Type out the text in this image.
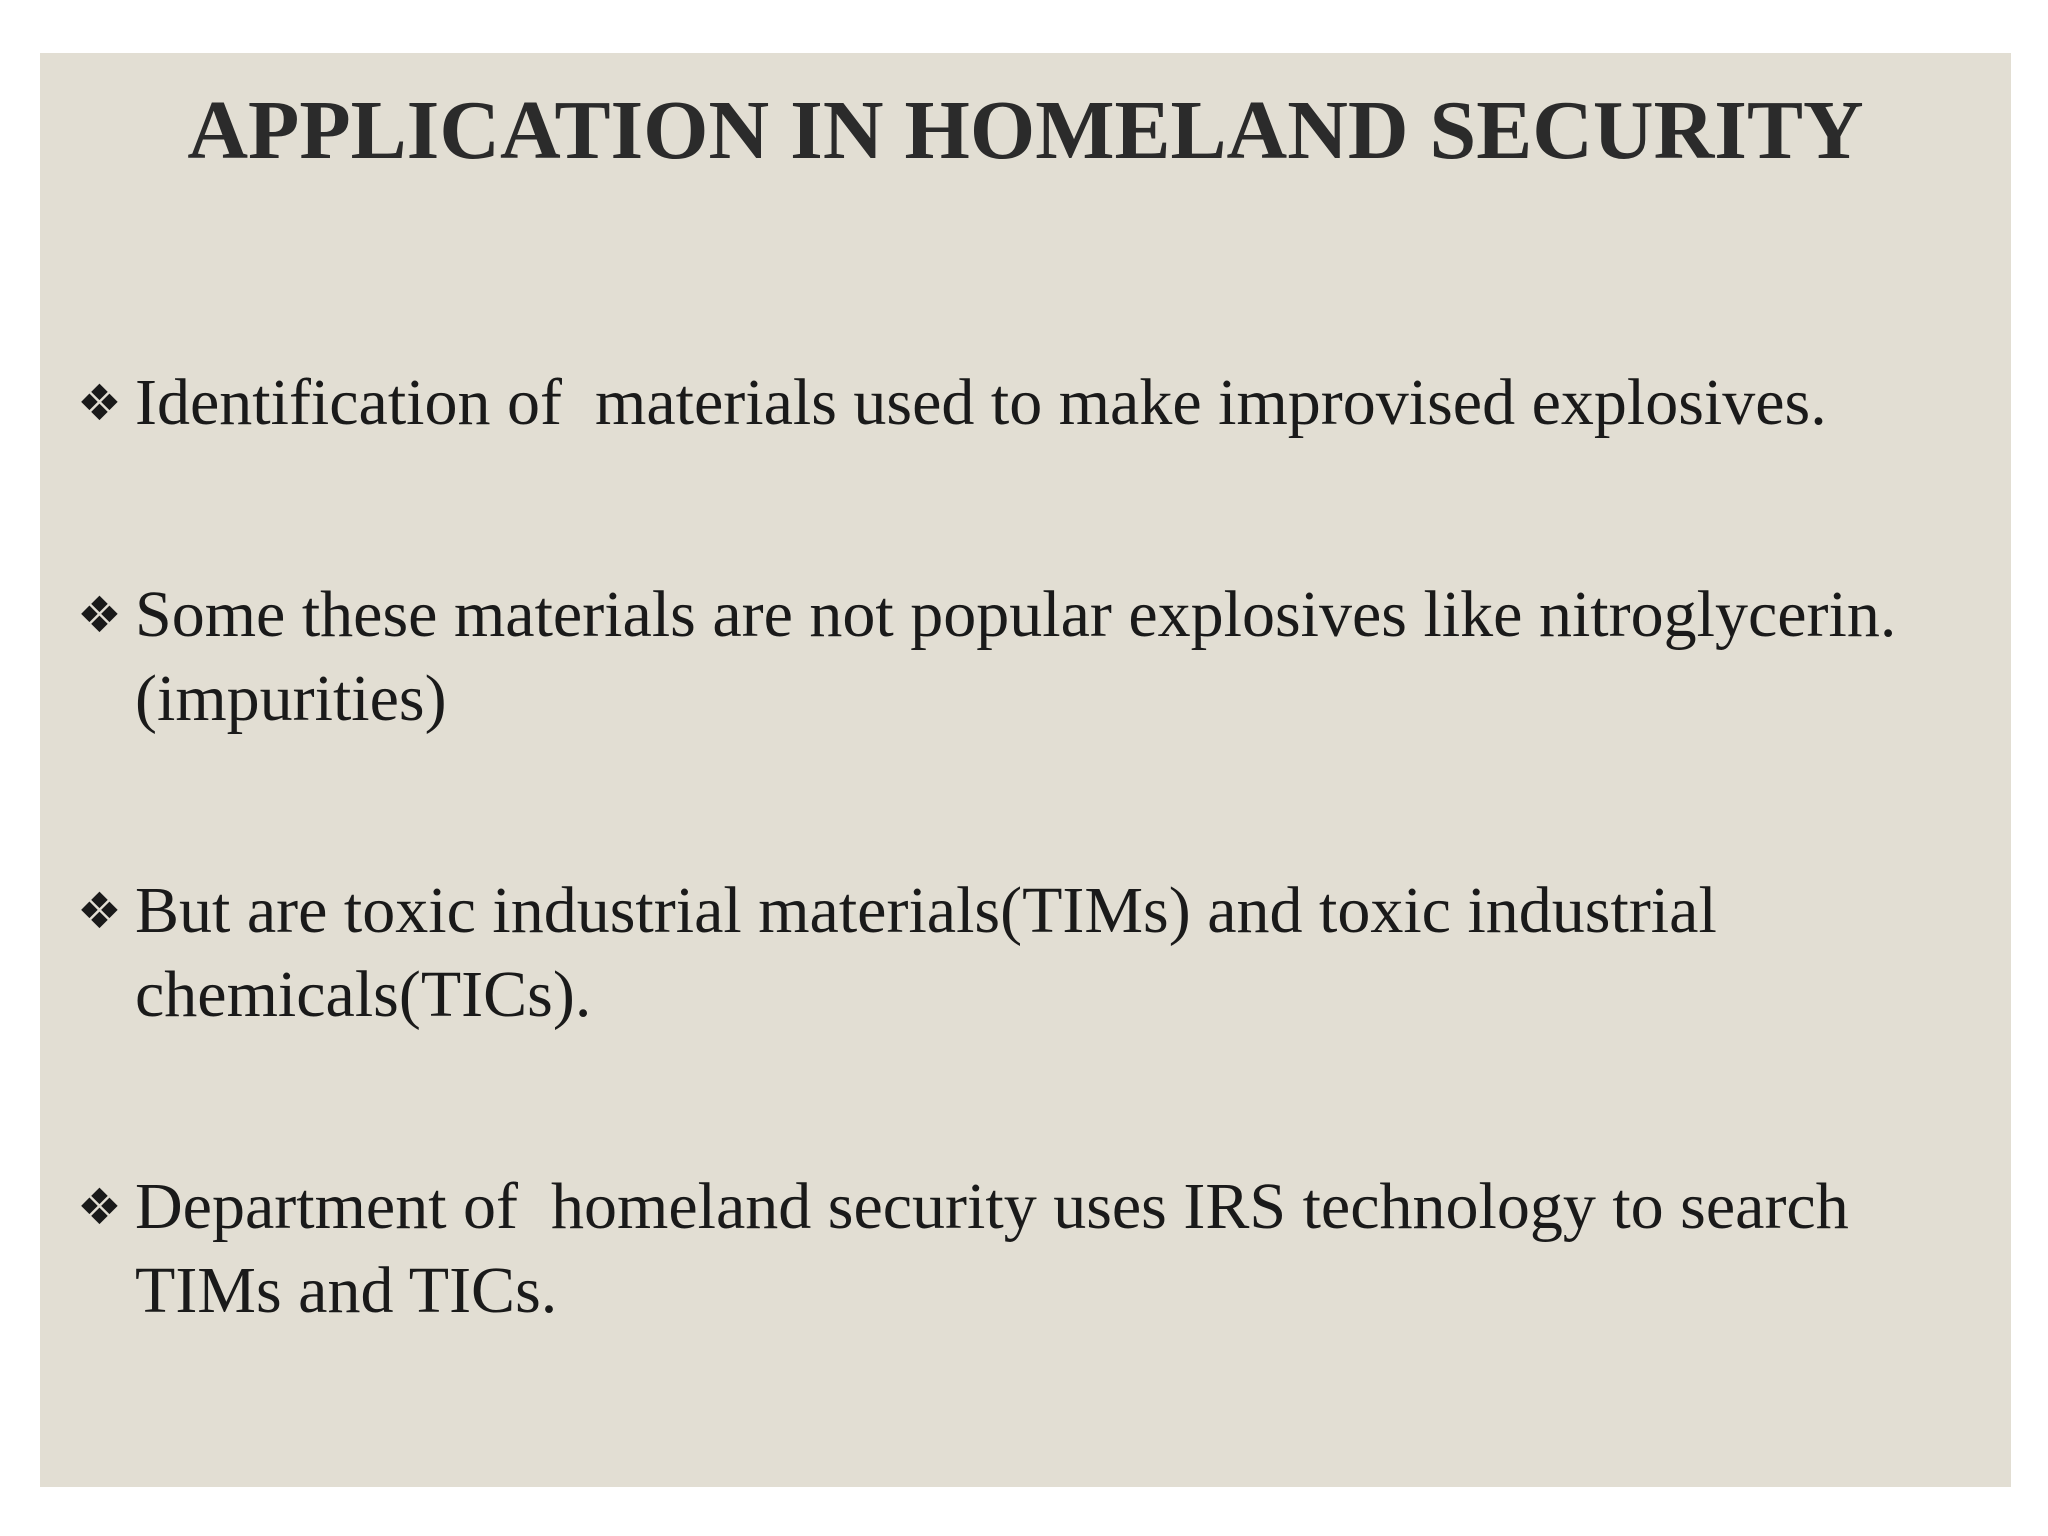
APPLICATION IN HOMELAND SECURITY
❖ Identification of  materials used to make improvised explosives.
❖ Some these materials are not popular explosives like nitroglycerin. (impurities)
❖ But are toxic industrial materials(TIMs) and toxic industrial chemicals(TICs).
❖ Department of  homeland security uses IRS technology to search TIMs and TICs.
